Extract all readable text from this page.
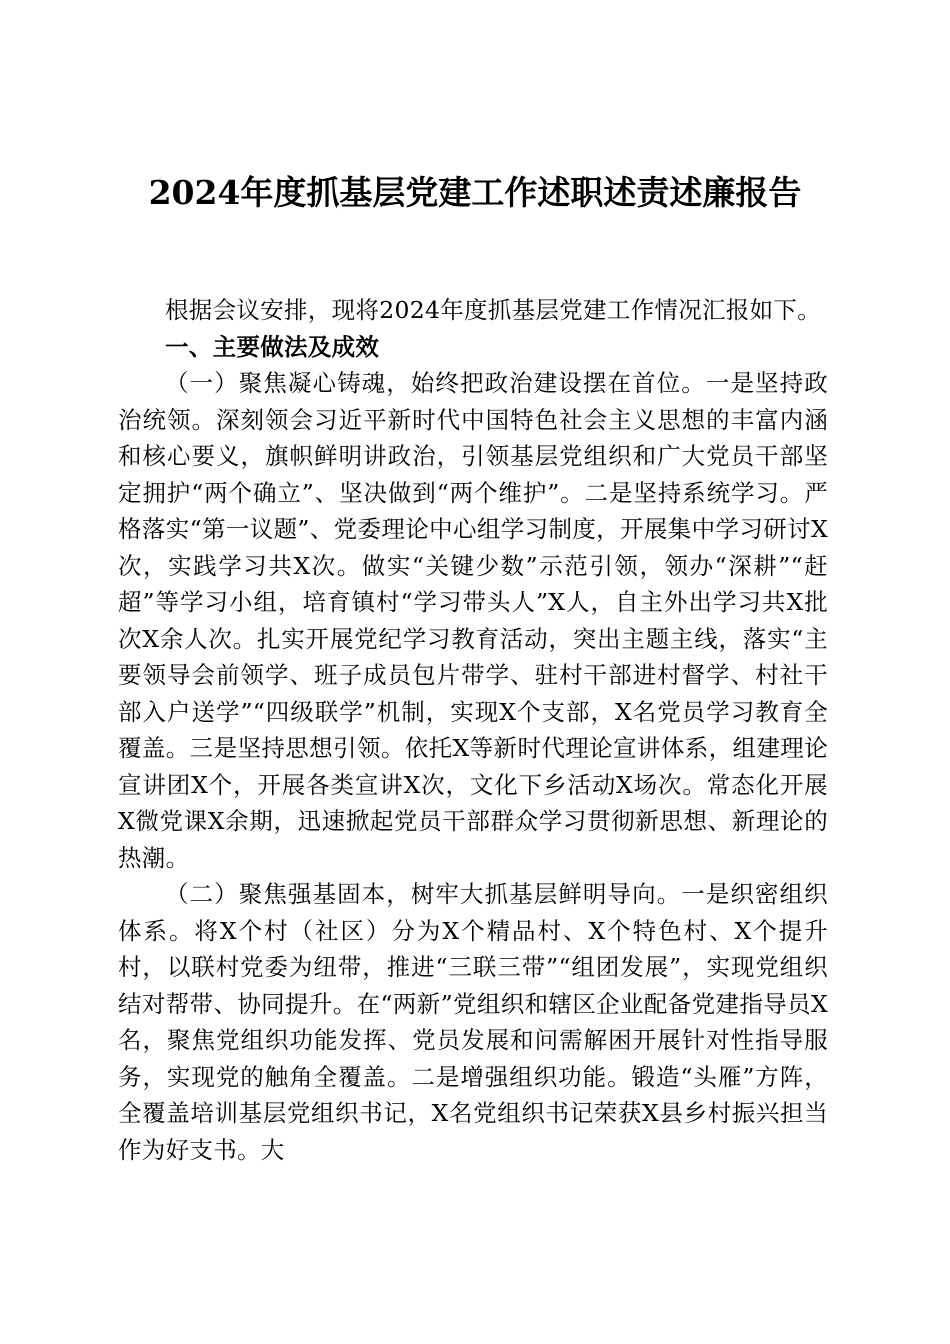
2024年度抓基层党建工作述职述责述廉报告

根据会议安排，现将2024年度抓基层党建工作情况汇报如下。

一、主要做法及成效

（一）聚焦凝心铸魂，始终把政治建设摆在首位。一是坚持政治统领。深刻领会习近平新时代中国特色社会主义思想的丰富内涵和核心要义，旗帜鲜明讲政治，引领基层党组织和广大党员干部坚定拥护“两个确立”、坚决做到“两个维护”。二是坚持系统学习。严格落实“第一议题”、党委理论中心组学习制度，开展集中学习研讨X次，实践学习共X次。做实“关键少数”示范引领，领办“深耕”“赶超”等学习小组，培育镇村“学习带头人”X人，自主外出学习共X批次X余人次。扎实开展党纪学习教育活动，突出主题主线，落实“主要领导会前领学、班子成员包片带学、驻村干部进村督学、村社干部入户送学”“四级联学”机制，实现X个支部，X名党员学习教育全覆盖。三是坚持思想引领。依托X等新时代理论宣讲体系，组建理论宣讲团X个，开展各类宣讲X次，文化下乡活动X场次。常态化开展X微党课X余期，迅速掀起党员干部群众学习贯彻新思想、新理论的热潮。

（二）聚焦强基固本，树牢大抓基层鲜明导向。一是织密组织体系。将X个村（社区）分为X个精品村、X个特色村、X个提升村，以联村党委为纽带，推进“三联三带”“组团发展”，实现党组织结对帮带、协同提升。在“两新”党组织和辖区企业配备党建指导员X名，聚焦党组织功能发挥、党员发展和问需解困开展针对性指导服务，实现党的触角全覆盖。二是增强组织功能。锻造“头雁”方阵，全覆盖培训基层党组织书记，X名党组织书记荣获X县乡村振兴担当作为好支书。大
